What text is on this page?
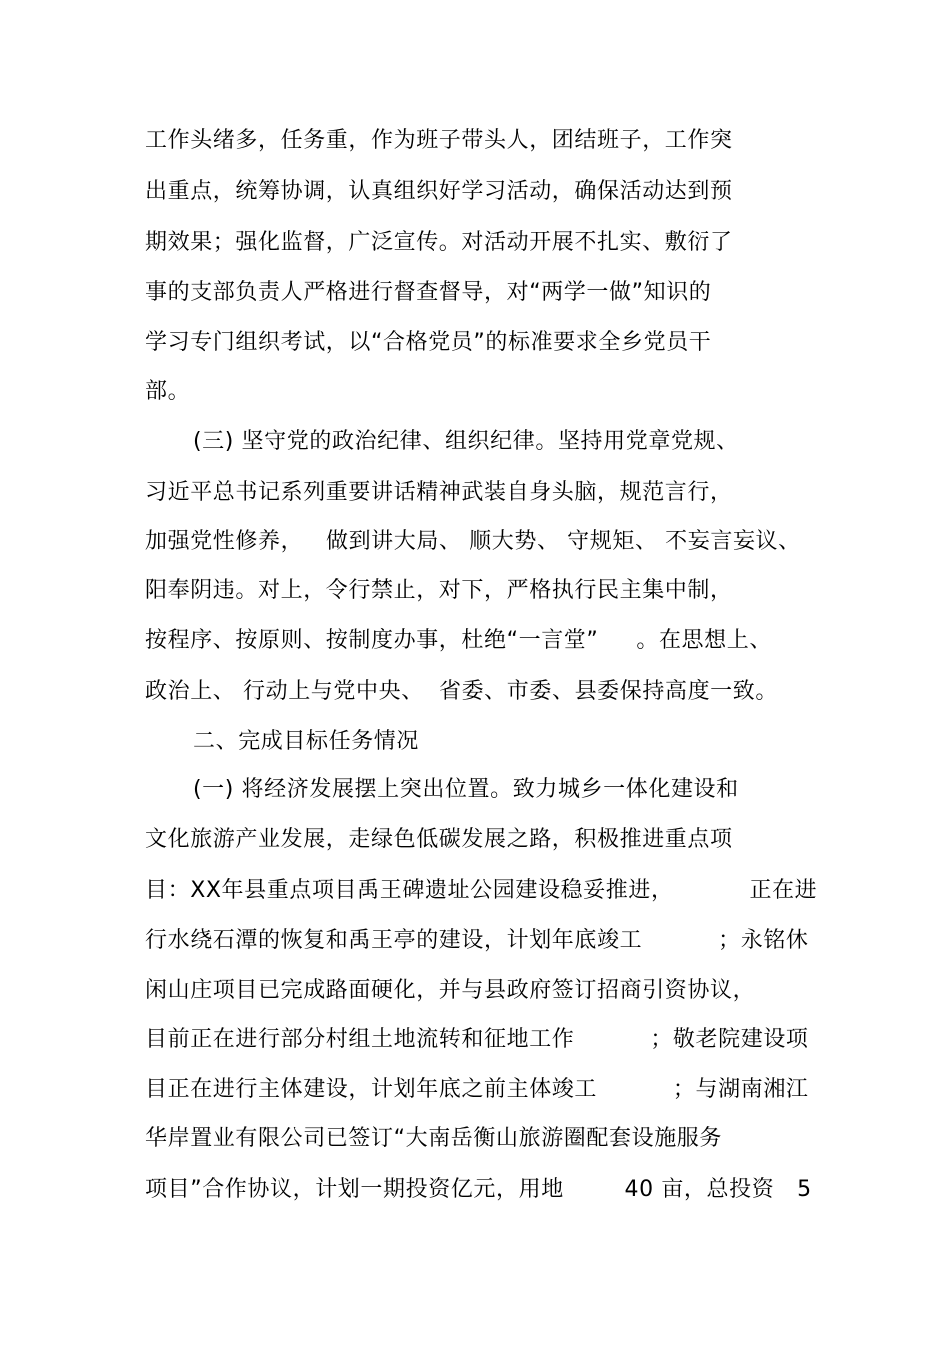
工作头绪多，任务重，作为班子带头人，团结班子，工作突
出重点，统筹协调，认真组织好学习活动，确保活动达到预
期效果；强化监督，广泛宣传。对活动开展不扎实、敷衍了
事的支部负责人严格进行督查督导，对“两学一做”知识的
学习专门组织考试，以“合格党员”的标准要求全乡党员干
部。
(三) 坚守党的政治纪律、组织纪律。坚持用党章党规、
习近平总书记系列重要讲话精神武装自身头脑，规范言行，
加强党性修养，   做到讲大局、 顺大势、 守规矩、 不妄言妄议、
阳奉阴违。对上，令行禁止，对下，严格执行民主集中制，
按程序、按原则、按制度办事，杜绝“一言堂”     。在思想上、
政治上、 行动上与党中央、  省委、市委、县委保持高度一致。
二、完成目标任务情况
(一) 将经济发展摆上突出位置。致力城乡一体化建设和
文化旅游产业发展，走绿色低碳发展之路，积极推进重点项
目：XX年县重点项目禹王碑遗址公园建设稳妥推进，          正在进
行水绕石潭的恢复和禹王亭的建设，计划年底竣工          ；永铭休
闲山庄项目已完成路面硬化，并与县政府签订招商引资协议，
目前正在进行部分村组土地流转和征地工作          ；敬老院建设项
目正在进行主体建设，计划年底之前主体竣工          ；与湖南湘江
华岸置业有限公司已签订“大南岳衡山旅游圈配套设施服务
项目”合作协议，计划一期投资亿元，用地        40 亩，总投资   5
